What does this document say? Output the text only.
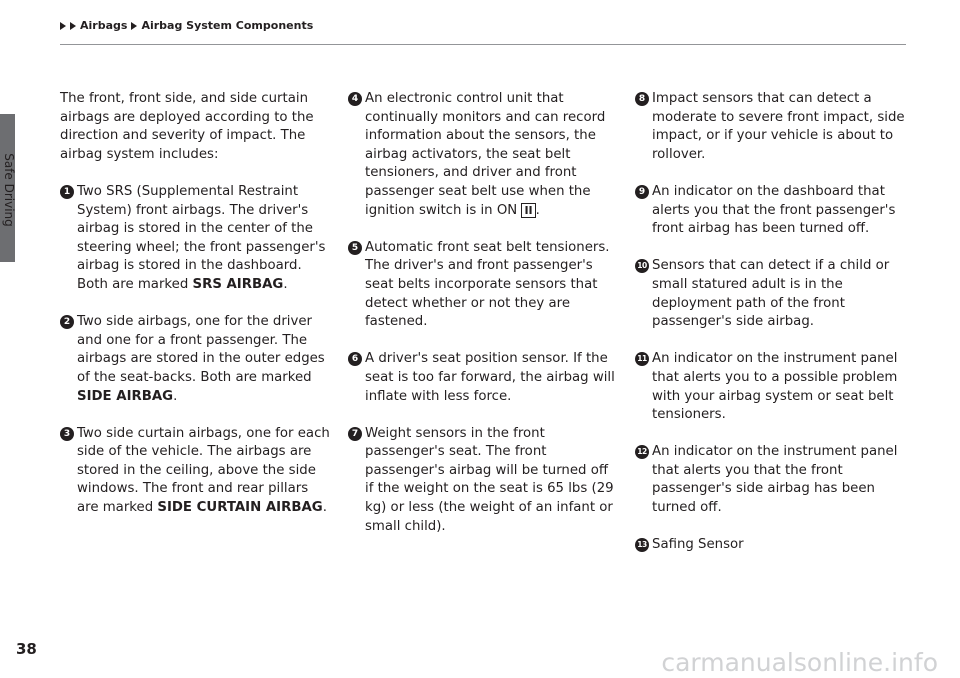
Safe Driving
Airbags Airbag System Components
The front, front side, and side curtain airbags are deployed according to the direction and severity of impact. The airbag system includes:
1 Two SRS (Supplemental Restraint System) front airbags. The driver's airbag is stored in the center of the steering wheel; the front passenger's airbag is stored in the dashboard. Both are marked SRS AIRBAG.
2 Two side airbags, one for the driver and one for a front passenger. The airbags are stored in the outer edges of the seat-backs. Both are marked SIDE AIRBAG.
3 Two side curtain airbags, one for each side of the vehicle. The airbags are stored in the ceiling, above the side windows. The front and rear pillars are marked SIDE CURTAIN AIRBAG.
4 An electronic control unit that continually monitors and can record information about the sensors, the airbag activators, the seat belt tensioners, and driver and front passenger seat belt use when the ignition switch is in ON II .
5 Automatic front seat belt tensioners. The driver's and front passenger's seat belts incorporate sensors that detect whether or not they are fastened.
6 A driver's seat position sensor. If the seat is too far forward, the airbag will inflate with less force.
7 Weight sensors in the front passenger's seat. The front passenger's airbag will be turned off if the weight on the seat is 65 lbs (29 kg) or less (the weight of an infant or small child).
8 Impact sensors that can detect a moderate to severe front impact, side impact, or if your vehicle is about to rollover.
9 An indicator on the dashboard that alerts you that the front passenger's front airbag has been turned off.
10 Sensors that can detect if a child or small statured adult is in the deployment path of the front passenger's side airbag.
11 An indicator on the instrument panel that alerts you to a possible problem with your airbag system or seat belt tensioners.
12 An indicator on the instrument panel that alerts you that the front passenger's side airbag has been turned off.
13 Safing Sensor
38	carmanualsonline.info
